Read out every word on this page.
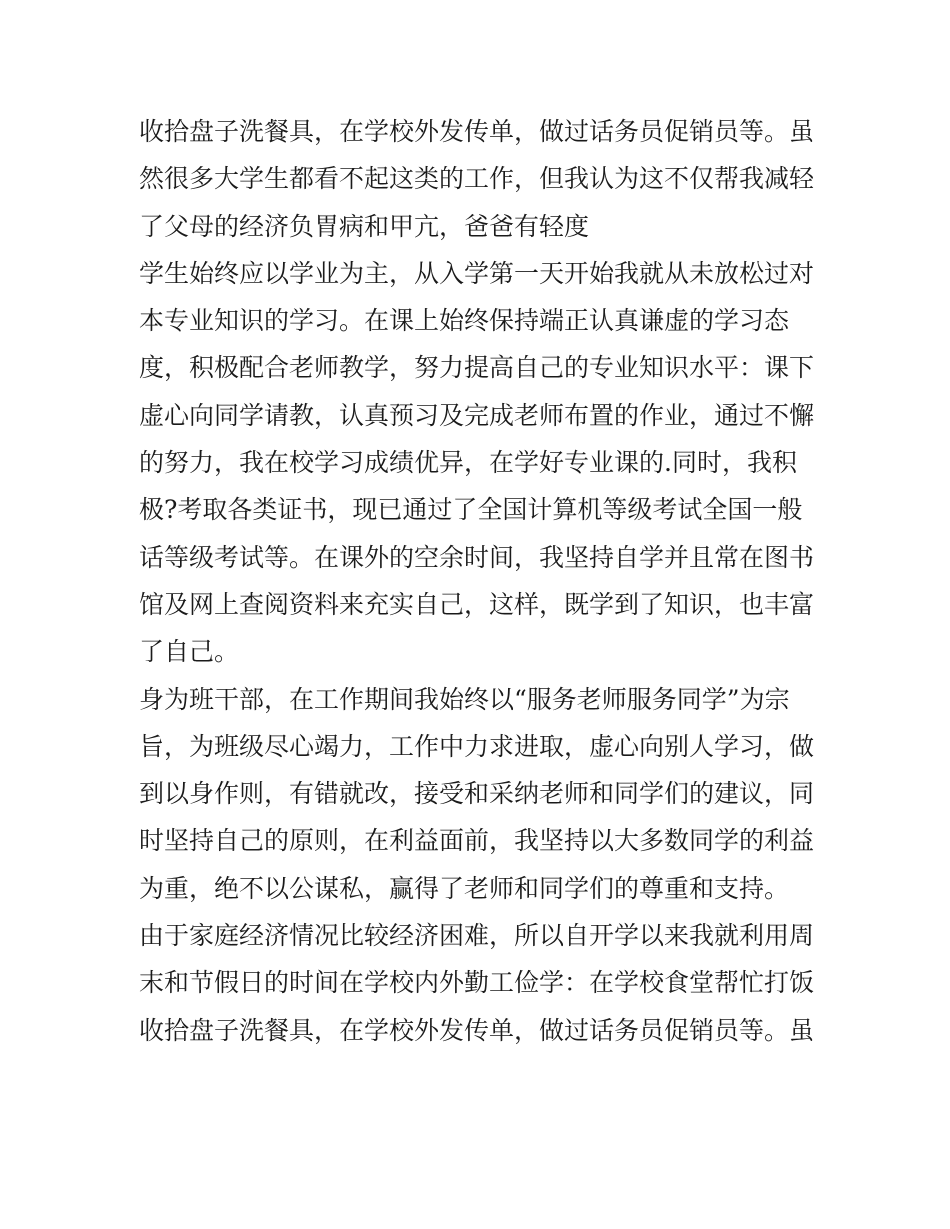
收拾盘子洗餐具，在学校外发传单，做过话务员促销员等。虽
然很多大学生都看不起这类的工作，但我认为这不仅帮我减轻
了父母的经济负胃病和甲亢，爸爸有轻度
学生始终应以学业为主，从入学第一天开始我就从未放松过对
本专业知识的学习。在课上始终保持端正认真谦虚的学习态
度，积极配合老师教学，努力提高自己的专业知识水平：课下
虚心向同学请教，认真预习及完成老师布置的作业，通过不懈
的努力，我在校学习成绩优异，在学好专业课的.同时，我积
极?考取各类证书，现已通过了全国计算机等级考试全国一般
话等级考试等。在课外的空余时间，我坚持自学并且常在图书
馆及网上查阅资料来充实自己，这样，既学到了知识，也丰富
了自己。
身为班干部，在工作期间我始终以“服务老师服务同学”为宗
旨，为班级尽心竭力，工作中力求进取，虚心向别人学习，做
到以身作则，有错就改，接受和采纳老师和同学们的建议，同
时坚持自己的原则，在利益面前，我坚持以大多数同学的利益
为重，绝不以公谋私，赢得了老师和同学们的尊重和支持。
由于家庭经济情况比较经济困难，所以自开学以来我就利用周
末和节假日的时间在学校内外勤工俭学：在学校食堂帮忙打饭
收拾盘子洗餐具，在学校外发传单，做过话务员促销员等。虽
